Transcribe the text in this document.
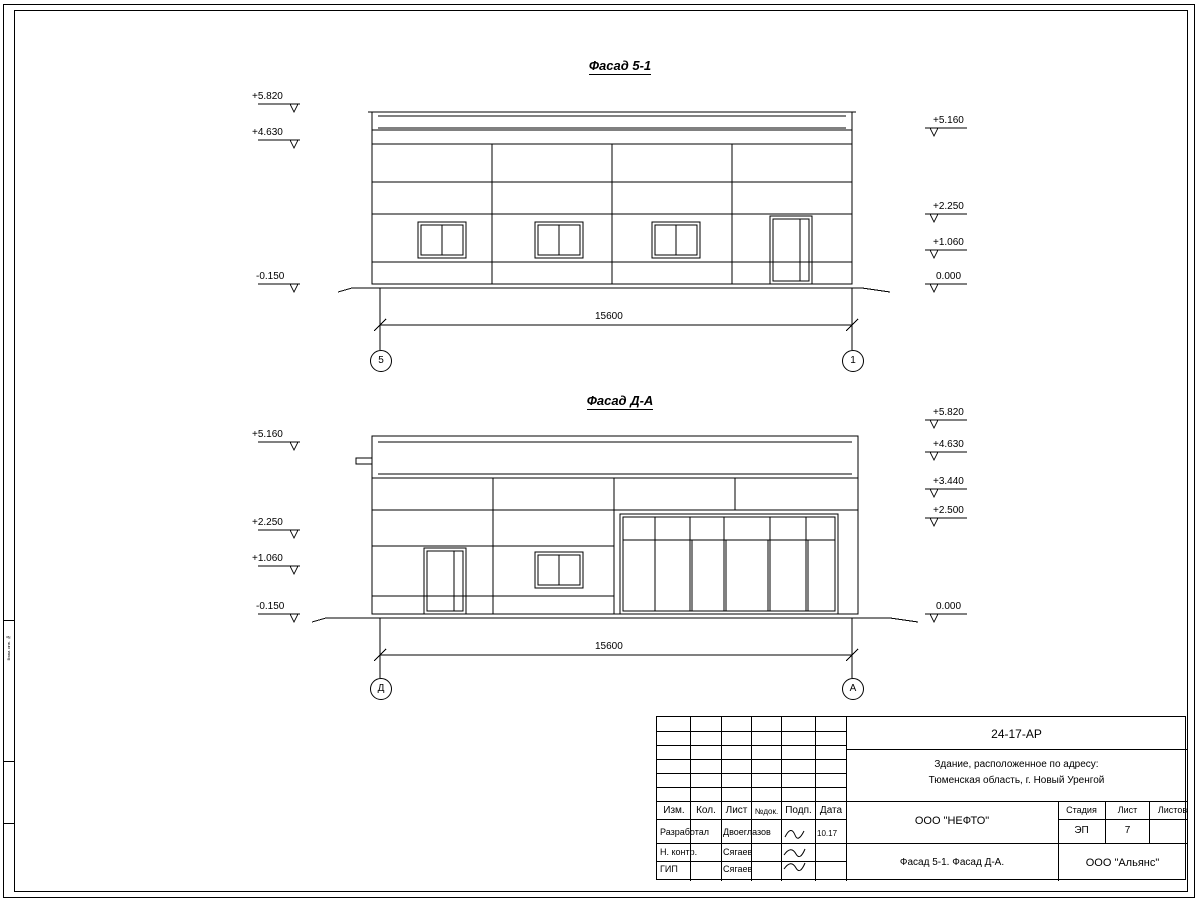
Взам. инв. №
Фасад 5-1
Фасад Д-А
+5.820
+4.630
-0.150
+5.160
+2.250
+1.060
0.000
15600
5	1
+5.160
+2.250
+1.060
-0.150
+5.820
+4.630
+3.440
+2.500
0.000
15600
Д	А
Изм.	Кол. Лист №док. Подп. Дата
Разработал Двоеглазов	10.17
Н. контр.	Сягаев
ГИП	Сягаев
24-17-АР
Здание, расположенное по адресу:
Тюменская область, г. Новый Уренгой
ООО "НЕФТО"
Фасад 5-1. Фасад Д-А.
Стадия	Лист	Листов
ЭП	7
ООО "Альянс"
